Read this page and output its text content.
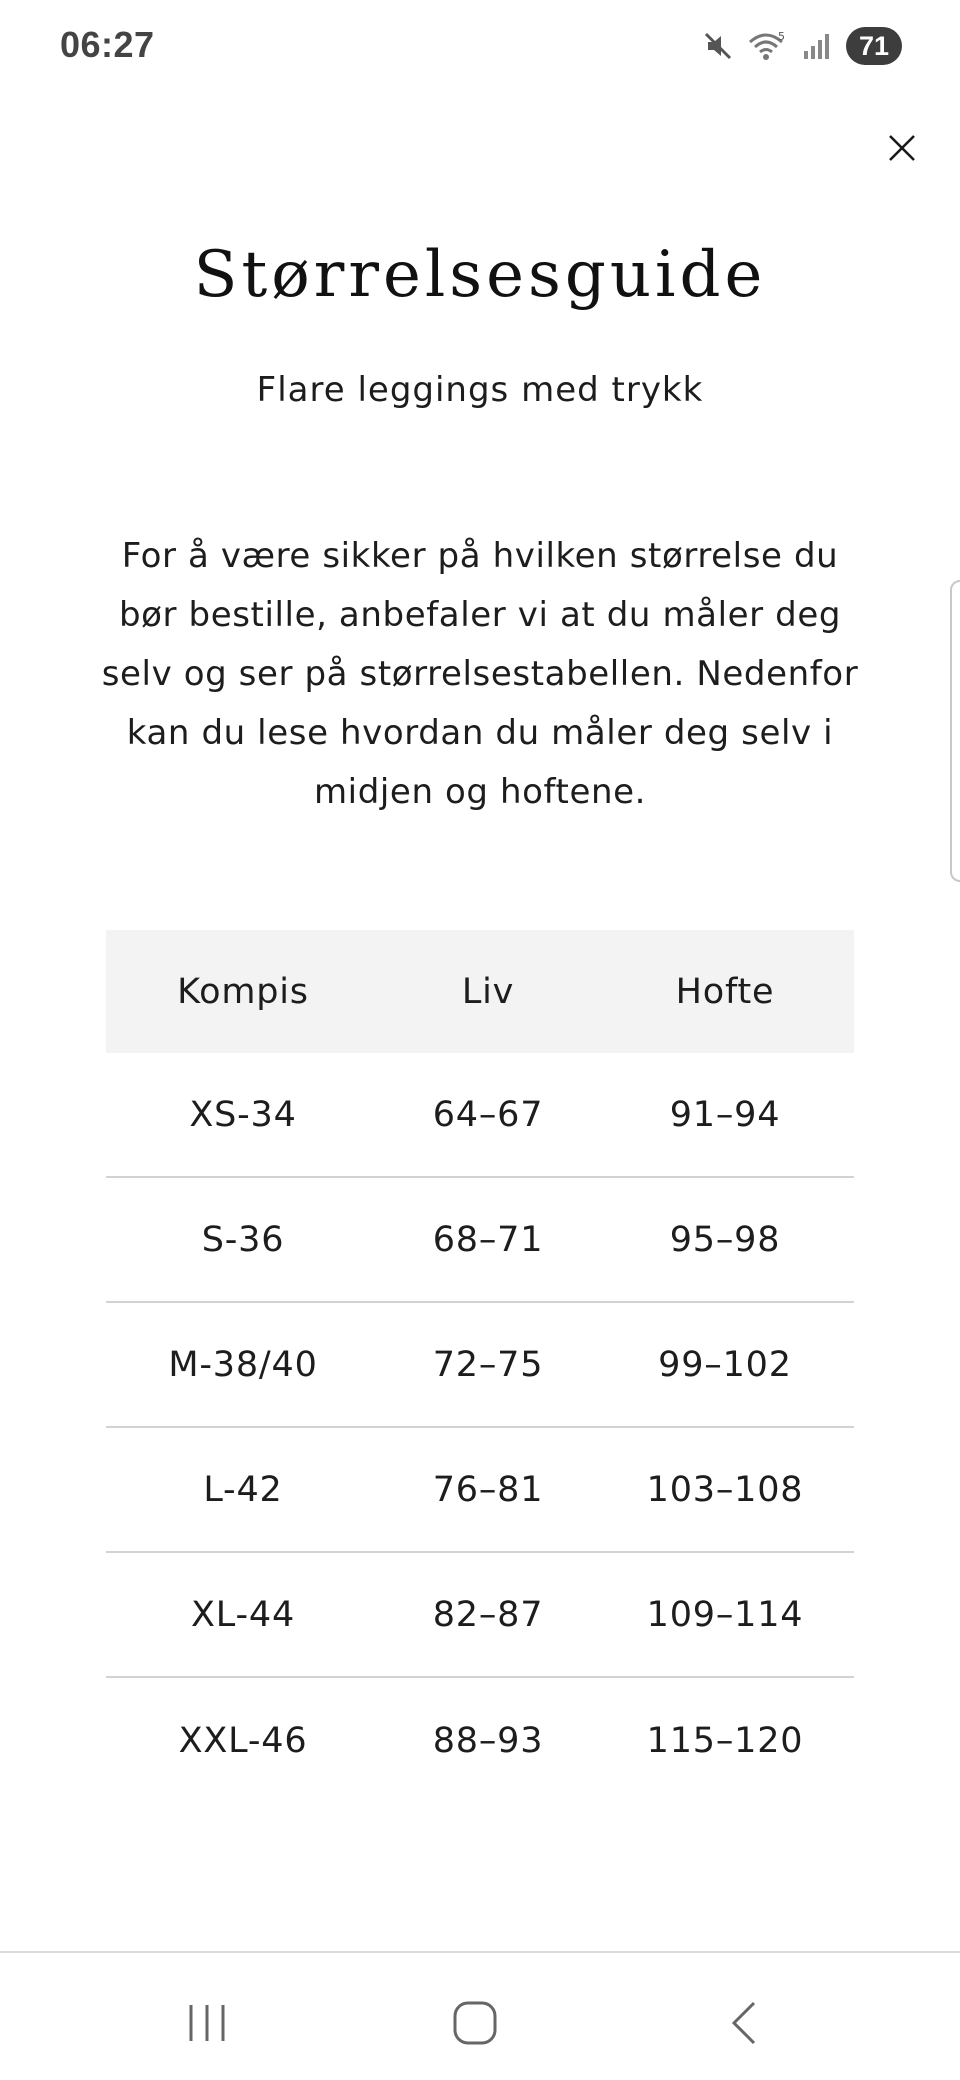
06:27	5	71
Størrelsesguide
Flare leggings med trykk

For å være sikker på hvilken størrelse du bør bestille, anbefaler vi at du måler deg selv og ser på størrelsestabellen. Nedenfor kan du lese hvordan du måler deg selv i midjen og hoftene.

Kompis	Liv	Hofte
XS-34	64–67	91–94
S-36	68–71	95–98
M-38/40	72–75	99–102
L-42	76–81	103–108
XL-44	82–87	109–114
XXL-46	88–93	115–120
